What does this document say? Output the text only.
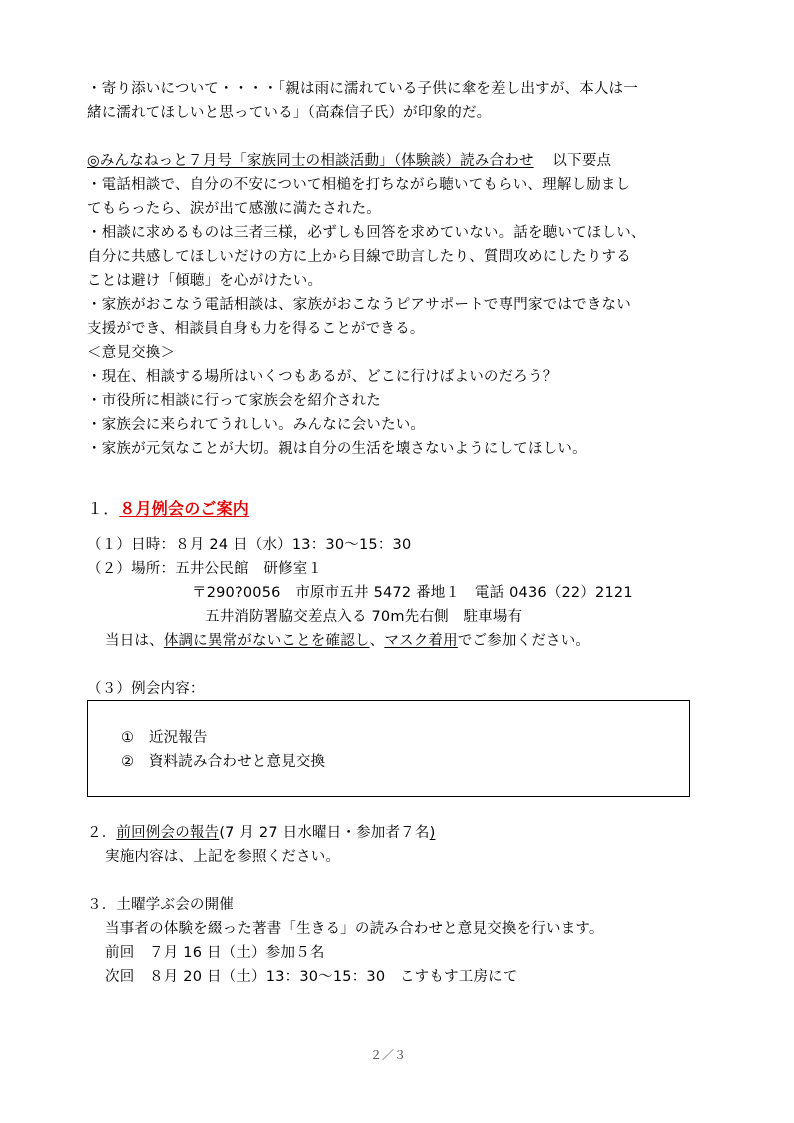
・寄り添いについて・・・・「親は雨に濡れている子供に傘を差し出すが、本人は一
緒に濡れてほしいと思っている」（高森信子氏）が印象的だ。
◎みんなねっと７月号「家族同士の相談活動」（体験談）読み合わせ 以下要点
・電話相談で、自分の不安について相槌を打ちながら聴いてもらい、理解し励まし
てもらったら、涙が出て感激に満たされた。
・相談に求めるものは三者三様，必ずしも回答を求めていない。話を聴いてほしい、
自分に共感してほしいだけの方に上から目線で助言したり、質問攻めにしたりする
ことは避け「傾聴」を心がけたい。
・家族がおこなう電話相談は、家族がおこなうピアサポートで専門家ではできない
支援ができ、相談員自身も力を得ることができる。
＜意見交換＞
・現在、相談する場所はいくつもあるが、どこに行けばよいのだろう？
・市役所に相談に行って家族会を紹介された
・家族会に来られてうれしい。みんなに会いたい。
・家族が元気なことが大切。親は自分の生活を壊さないようにしてほしい。
１．８月例会のご案内
（１）日時：８月 24 日（水）13：30～15：30
（２）場所：五井公民館　研修室１
〒290?0056　市原市五井 5472 番地１　電話 0436（22）2121
五井消防署脇交差点入る 70m先右側　駐車場有
当日は、体調に異常がないことを確認し、マスク着用でご参加ください。
（３）例会内容：
①　近況報告
②　資料読み合わせと意見交換
２．前回例会の報告(7 月 27 日水曜日・参加者７名)
実施内容は、上記を参照ください。
３．土曜学ぶ会の開催
当事者の体験を綴った著書「生きる」の読み合わせと意見交換を行います。
前回　７月 16 日（土）参加５名
次回　８月 20 日（土）13：30～15：30　こすもす工房にて
２／３
